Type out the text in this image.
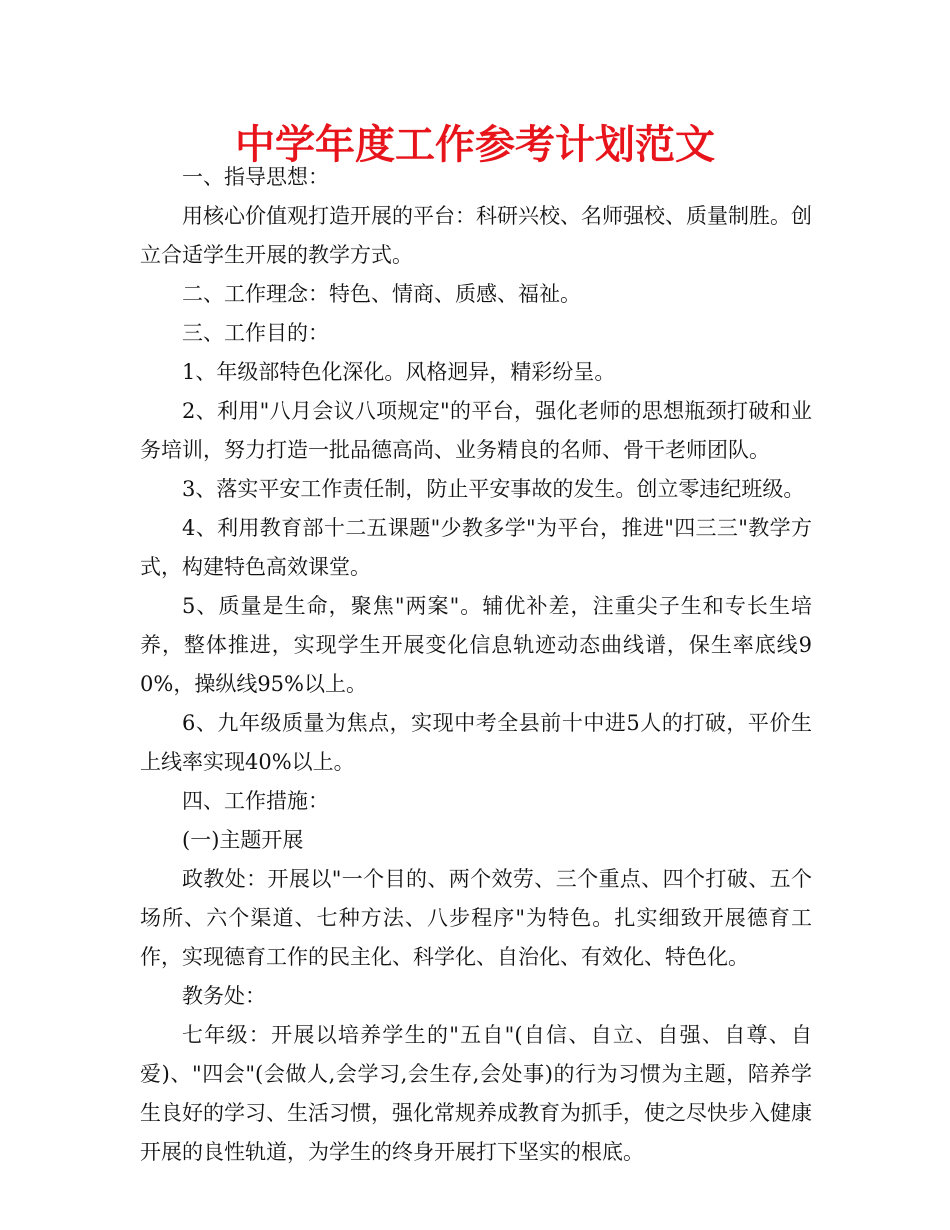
中学年度工作参考计划范文

一、指导思想：

用核心价值观打造开展的平台：科研兴校、名师强校、质量制胜。创立合适学生开展的教学方式。

二、工作理念：特色、情商、质感、福祉。

三、工作目的：

1、年级部特色化深化。风格迥异，精彩纷呈。

2、利用"八月会议八项规定"的平台，强化老师的思想瓶颈打破和业务培训，努力打造一批品德高尚、业务精良的名师、骨干老师团队。

3、落实平安工作责任制，防止平安事故的发生。创立零违纪班级。

4、利用教育部十二五课题"少教多学"为平台，推进"四三三"教学方式，构建特色高效课堂。

5、质量是生命，聚焦"两案"。辅优补差，注重尖子生和专长生培养，整体推进，实现学生开展变化信息轨迹动态曲线谱，保生率底线90%，操纵线95%以上。

6、九年级质量为焦点，实现中考全县前十中进5人的打破，平价生上线率实现40%以上。

四、工作措施：

(一)主题开展

政教处：开展以"一个目的、两个效劳、三个重点、四个打破、五个场所、六个渠道、七种方法、八步程序"为特色。扎实细致开展德育工作，实现德育工作的民主化、科学化、自治化、有效化、特色化。

教务处：

七年级：开展以培养学生的"五自"(自信、自立、自强、自尊、自爱)、"四会"(会做人,会学习,会生存,会处事)的行为习惯为主题，陪养学生良好的学习、生活习惯，强化常规养成教育为抓手，使之尽快步入健康开展的良性轨道，为学生的终身开展打下坚实的根底。
